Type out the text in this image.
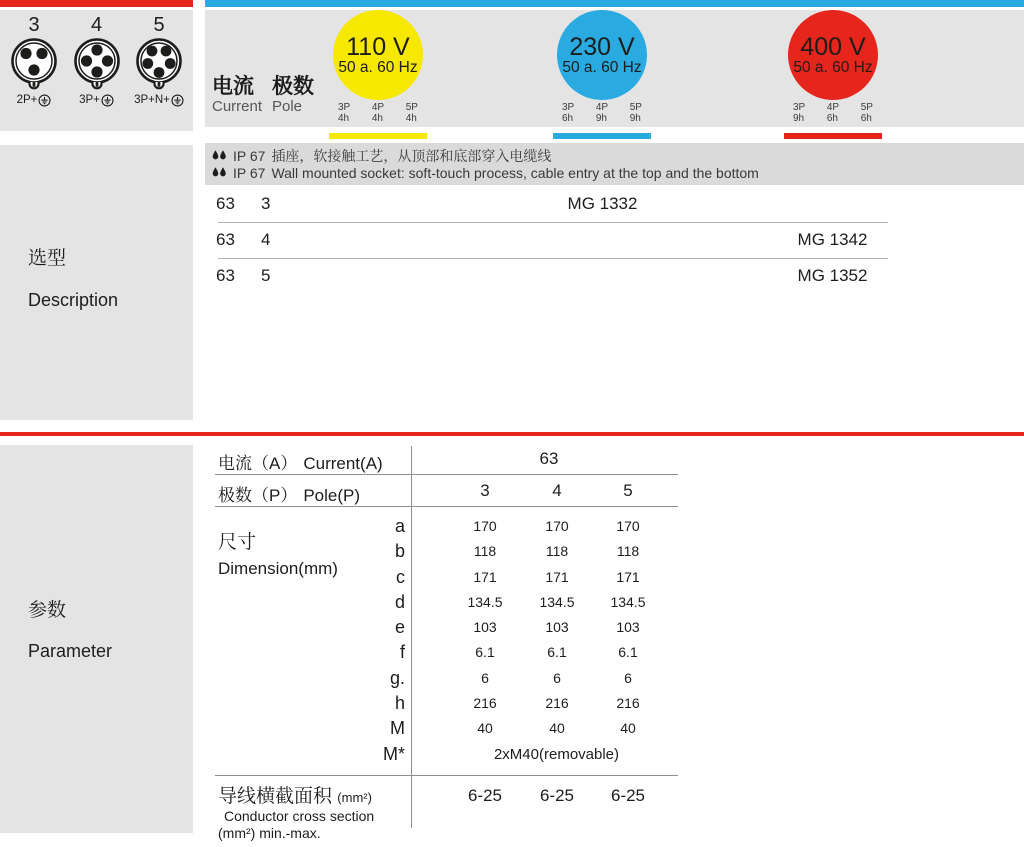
3
2P+
4
3P+
5
3P+N+
电流
Current
极数
Pole
110 V
50 a. 60 Hz
3P
4h
4P
4h
5P
4h
230 V
50 a. 60 Hz
3P
6h
4P
9h
5P
9h
400 V
50 a. 60 Hz
3P
9h
4P
6h
5P
6h
IP 67 插座，软接触工艺，从顶部和底部穿入电缆线
IP 67 Wall mounted socket: soft-touch process, cable entry at the top and the bottom
63 3	MG 1332
63 4	MG 1342
63 5	MG 1352
选型
Description
参数
Parameter
电流（A） Current(A)	63
极数（P） Pole(P)	3	4	5
尺寸
Dimension(mm)
a	170	170	170
b	118	118	118
c	171	171	171
d	134.5	134.5	134.5
e	103	103	103
f	6.1	6.1	6.1
g.	6	6	6
h	216	216	216
M	40	40	40
M*	2xM40(removable)
导线横截面积 (mm²)
Conductor cross section
(mm²) min.-max.
6-25	6-25	6-25
